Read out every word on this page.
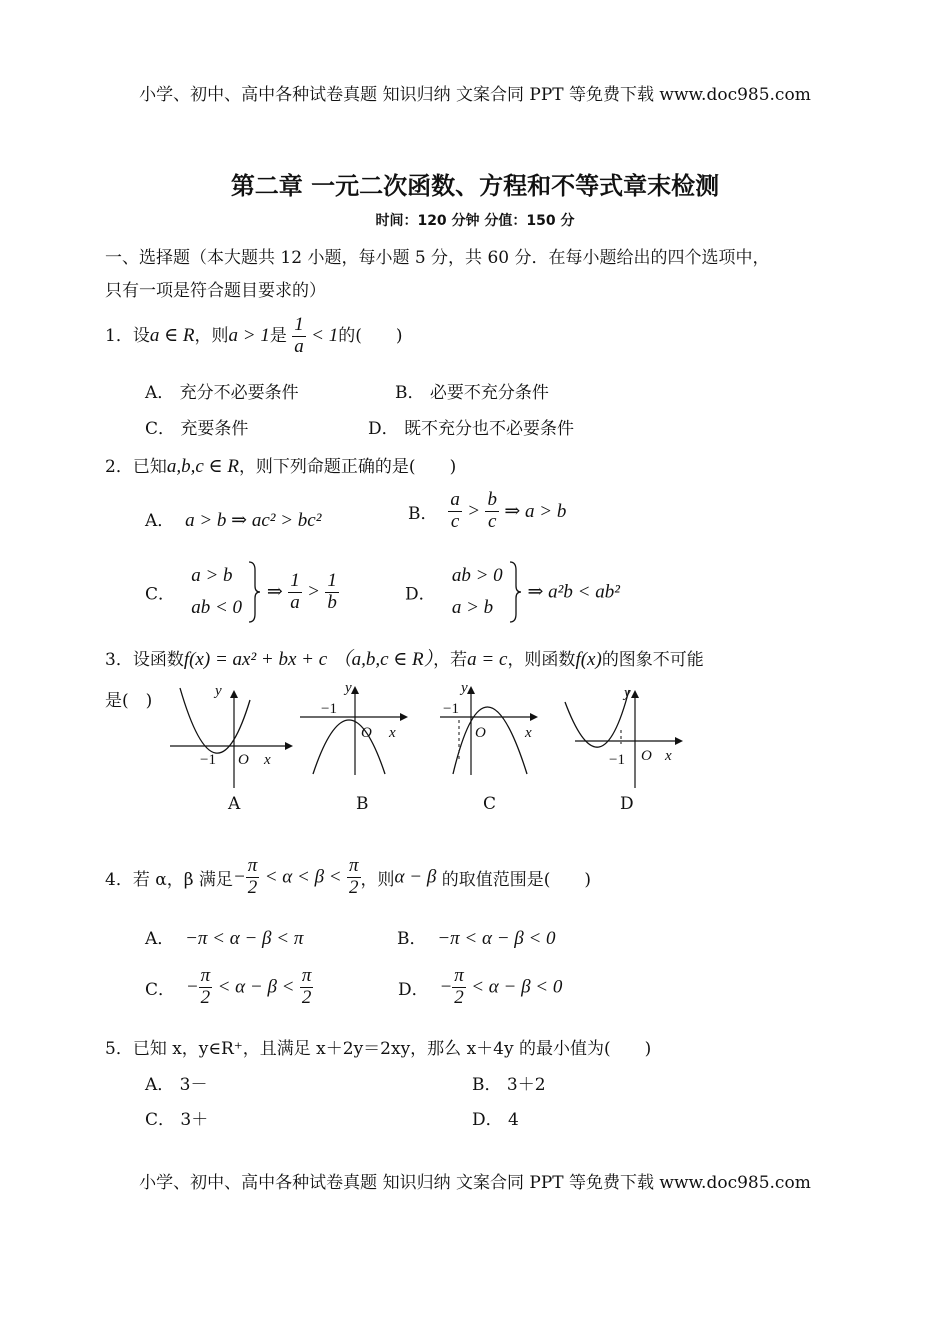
小学、初中、高中各种试卷真题 知识归纳 文案合同 PPT 等免费下载 www.doc985.com
第二章 一元二次函数、方程和不等式章末检测
时间：120 分钟 分值：150 分
一、选择题（本大题共 12 小题，每小题 5 分，共 60 分．在每小题给出的四个选项中，
只有一项是符合题目要求的）
1．设a ∈ R，则a > 1是 $\frac{1}{a} < 1$的(　　)
A． 充分不必要条件	B． 必要不充分条件
C． 充要条件	D． 既不充分也不必要条件
2．已知a,b,c ∈ R，则下列命题正确的是(　　)
A． a > b ⇒ ac² > bc²	B． $\frac{a}{c} > \frac{b}{c}$ ⇒ a > b
C．
a > b
ab < 0
⇒ $\frac{1}{a} > \frac{1}{b}$	D．
ab > 0
a > b
⇒ a²b < ab²
3．设函数f(x) = ax² + bx + c （a,b,c ∈ R），若a = c，则函数f(x)的图象不可能
是(　)	y
x
O
−1
y
x
O
−1
y
x
O
−1
y
x
O
−1
A	B	C	D
4．若 α，β 满足− $\frac{\pi}{2} < \alpha < \beta < \frac{\pi}{2}$ ，则α − β 的取值范围是(　　)
A． −π < α − β < π	B． −π < α − β < 0
C． − $\frac{\pi}{2} < \alpha - \beta < \frac{\pi}{2}$	D． − $\frac{\pi}{2} < \alpha - \beta < 0$
5．已知 x，y∈R⁺，且满足 x＋2y＝2xy，那么 x＋4y 的最小值为(　　)
A． 3－	B． 3＋2
C． 3＋	D． 4
小学、初中、高中各种试卷真题 知识归纳 文案合同 PPT 等免费下载 www.doc985.com
